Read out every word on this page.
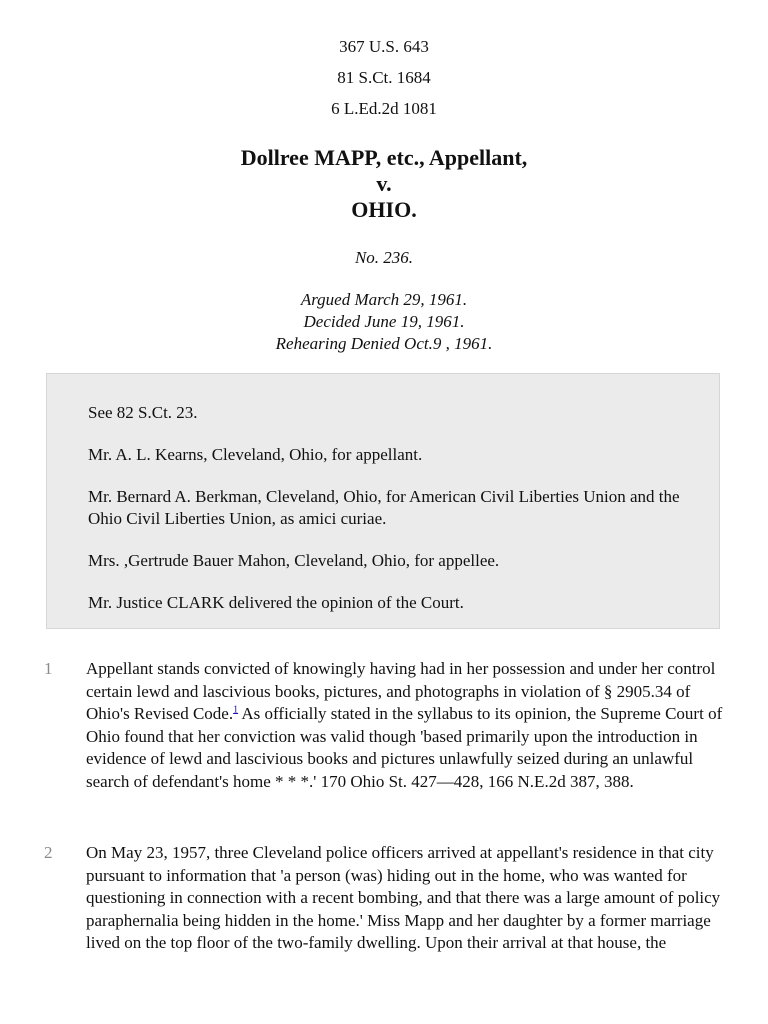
367 U.S. 643
81 S.Ct. 1684
6 L.Ed.2d 1081
Dollree MAPP, etc., Appellant,
v.
OHIO.
No. 236.
Argued March 29, 1961.
Decided June 19, 1961.
Rehearing Denied Oct.9 , 1961.

See 82 S.Ct. 23.

Mr. A. L. Kearns, Cleveland, Ohio, for appellant.

Mr. Bernard A. Berkman, Cleveland, Ohio, for American Civil Liberties Union and the Ohio Civil Liberties Union, as amici curiae.

Mrs. ,Gertrude Bauer Mahon, Cleveland, Ohio, for appellee.

Mr. Justice CLARK delivered the opinion of the Court.

1 Appellant stands convicted of knowingly having had in her possession and under her control certain lewd and lascivious books, pictures, and photographs in violation of § 2905.34 of Ohio's Revised Code.$^1$ As officially stated in the syllabus to its opinion, the Supreme Court of Ohio found that her conviction was valid though 'based primarily upon the introduction in evidence of lewd and lascivious books and pictures unlawfully seized during an unlawful search of defendant's home * * *.' 170 Ohio St. 427—428, 166 N.E.2d 387, 388.

2 On May 23, 1957, three Cleveland police officers arrived at appellant's residence in that city pursuant to information that 'a person (was) hiding out in the home, who was wanted for questioning in connection with a recent bombing, and that there was a large amount of policy paraphernalia being hidden in the home.' Miss Mapp and her daughter by a former marriage lived on the top floor of the two-family dwelling. Upon their arrival at that house, the
